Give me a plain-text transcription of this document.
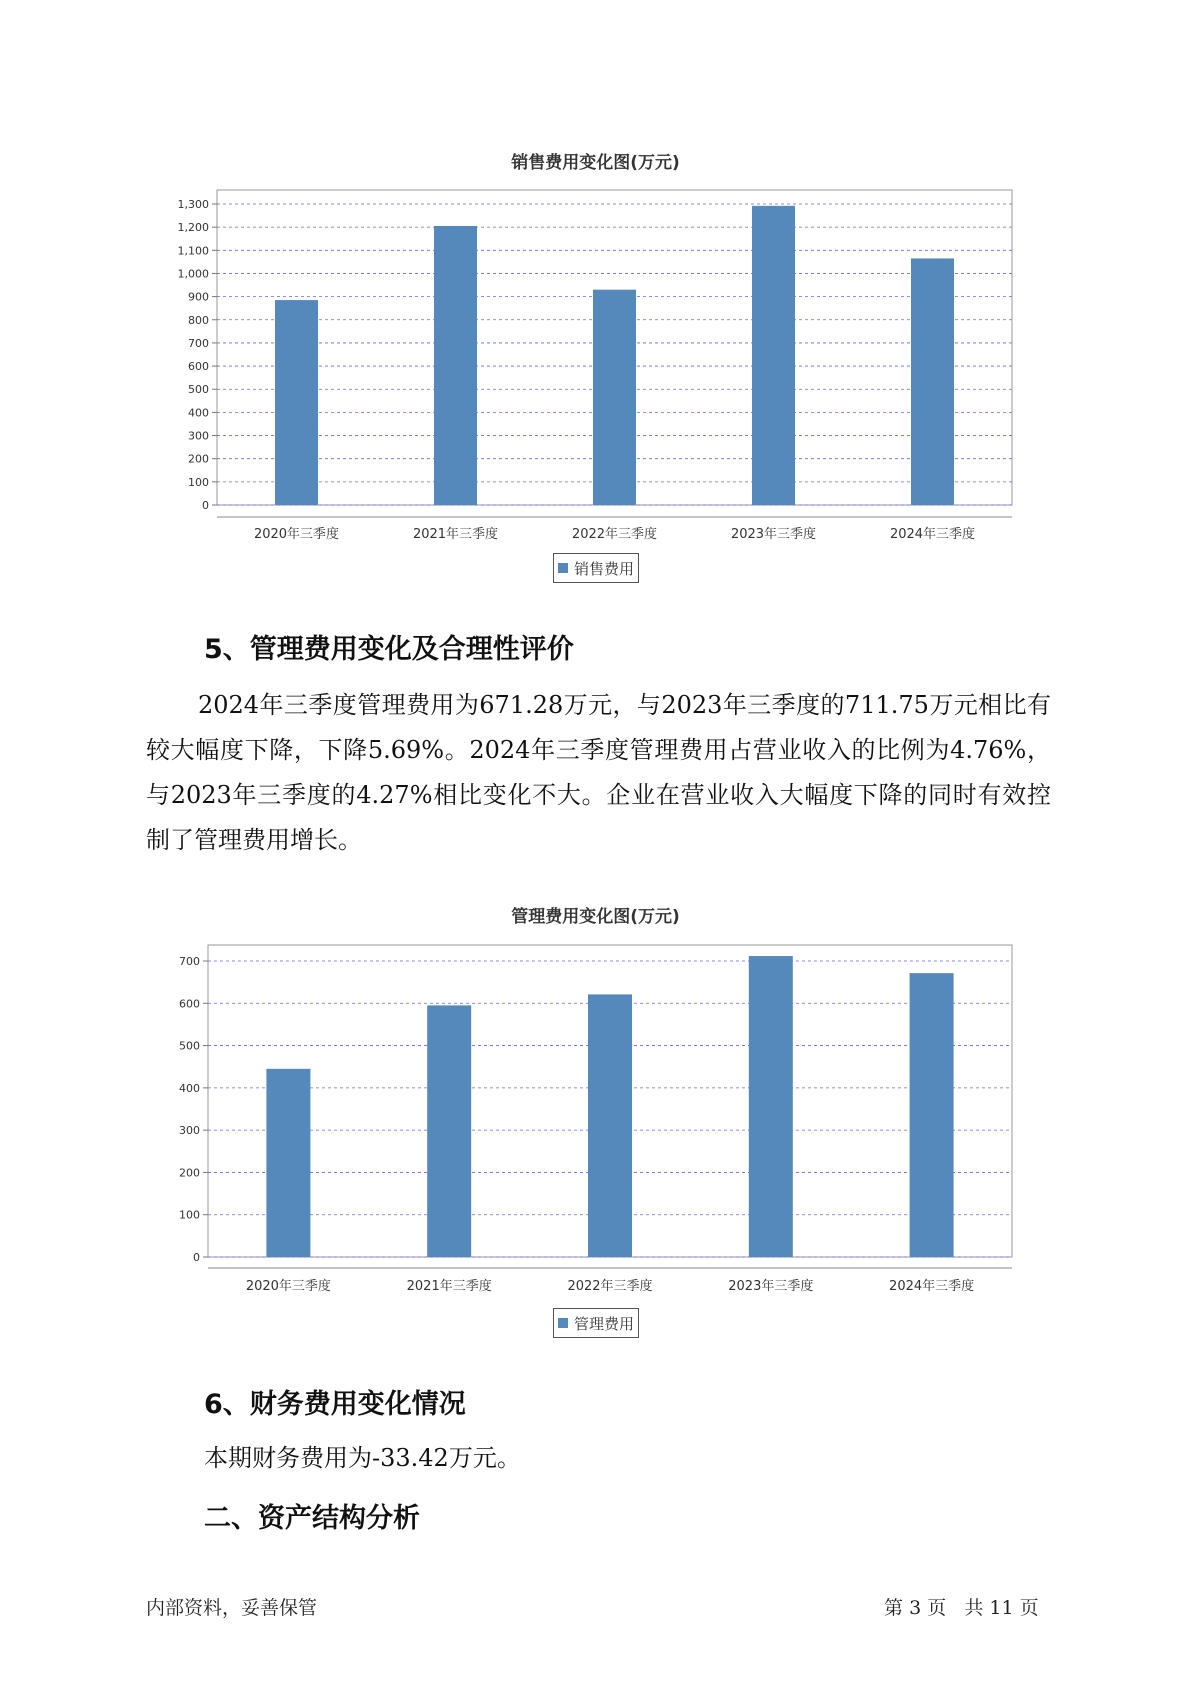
销售费用变化图(万元)
0
100
200
300
400
500
600
700
800
900
1,000
1,100
1,200
1,300
2020年三季度	2021年三季度	2022年三季度	2023年三季度	2024年三季度
销售费用
5、管理费用变化及合理性评价

2024年三季度管理费用为671.28万元，与2023年三季度的711.75万元相比有较大幅度下降，下降5.69%。2024年三季度管理费用占营业收入的比例为4.76%，与2023年三季度的4.27%相比变化不大。企业在营业收入大幅度下降的同时有效控制了管理费用增长。

管理费用变化图(万元)
0
100
200
300
400
500
600
700
2020年三季度	2021年三季度	2022年三季度	2023年三季度	2024年三季度
管理费用
6、财务费用变化情况

本期财务费用为-33.42万元。

二、资产结构分析
内部资料，妥善保管	第 3 页   共 11 页
